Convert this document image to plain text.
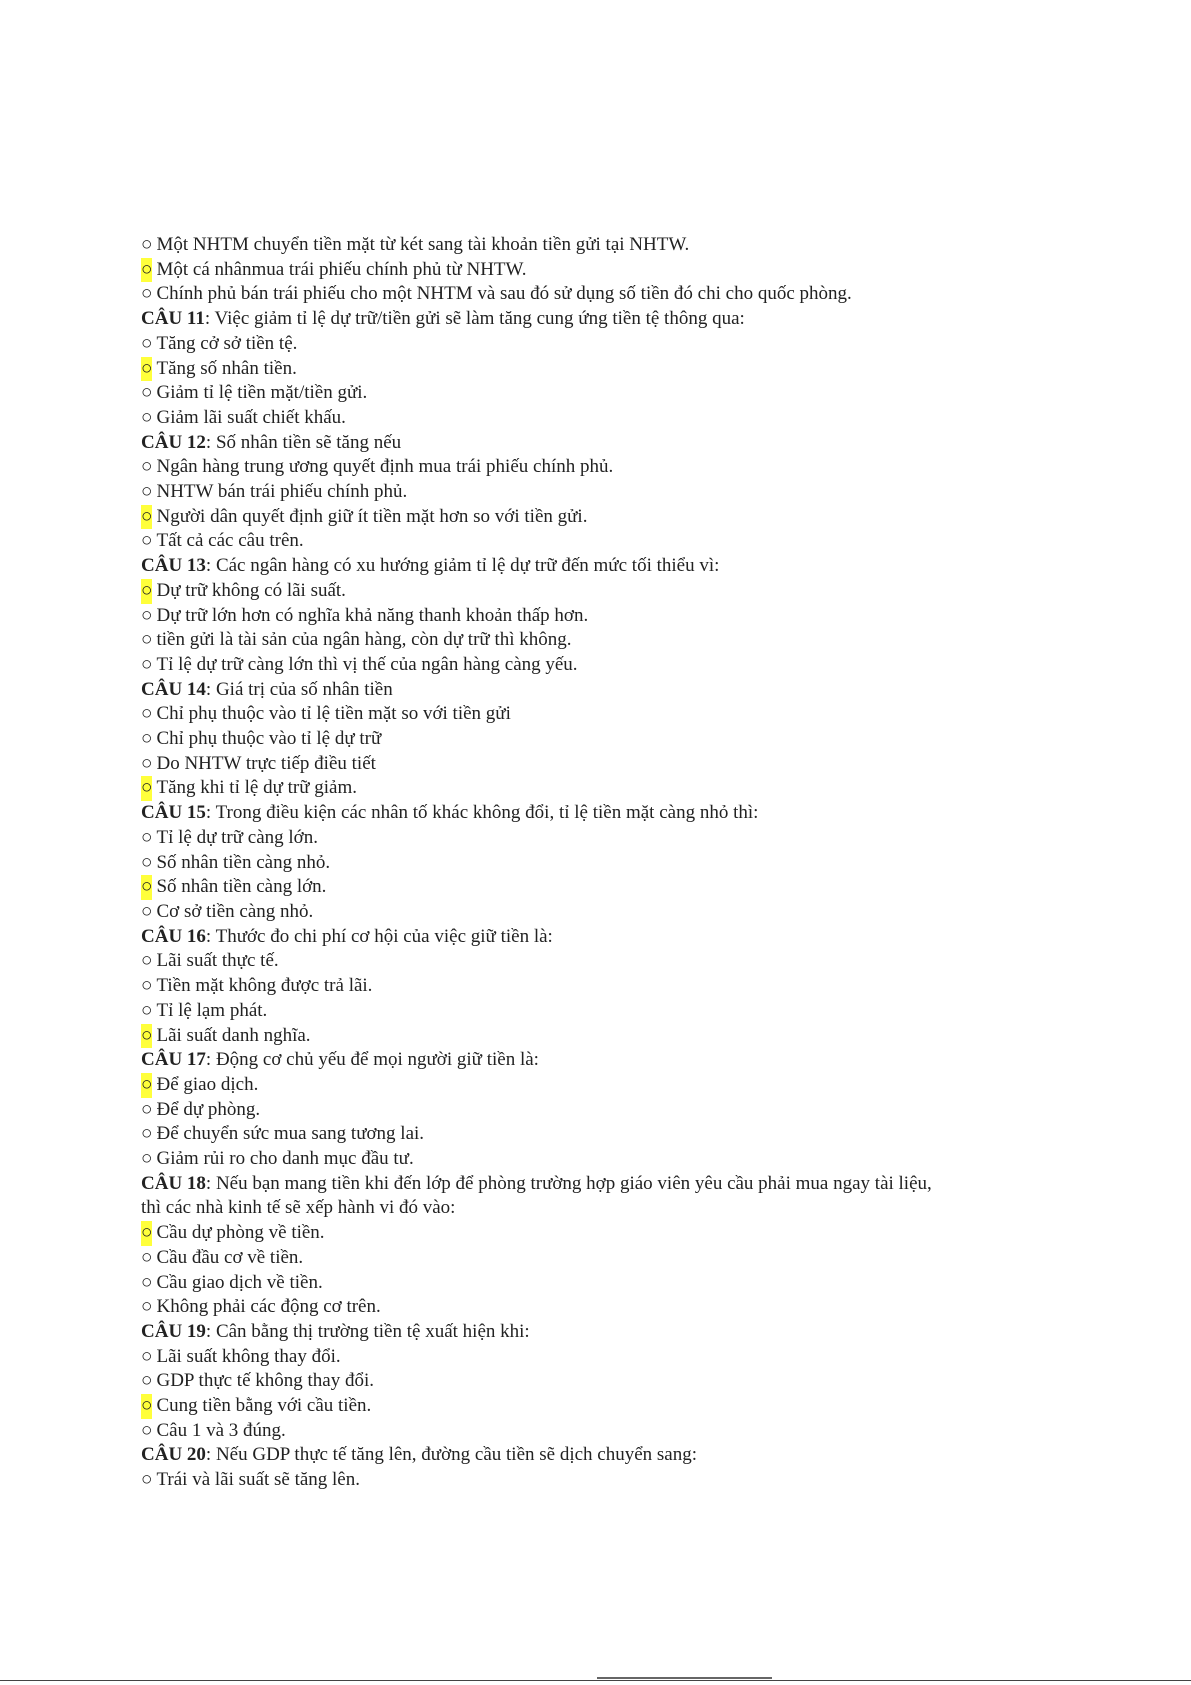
○ Một NHTM chuyển tiền mặt từ két sang tài khoản tiền gửi tại NHTW.
○ Một cá nhânmua trái phiếu chính phủ từ NHTW.
○ Chính phủ bán trái phiếu cho một NHTM và sau đó sử dụng số tiền đó chi cho quốc phòng.
CÂU 11: Việc giảm tỉ lệ dự trữ/tiền gửi sẽ làm tăng cung ứng tiền tệ thông qua:
○ Tăng cở sở tiền tệ.
○ Tăng số nhân tiền.
○ Giảm tỉ lệ tiền mặt/tiền gửi.
○ Giảm lãi suất chiết khấu.
CÂU 12: Số nhân tiền sẽ tăng nếu
○ Ngân hàng trung ương quyết định mua trái phiếu chính phủ.
○ NHTW bán trái phiếu chính phủ.
○ Người dân quyết định giữ ít tiền mặt hơn so với tiền gửi.
○ Tất cả các câu trên.
CÂU 13: Các ngân hàng có xu hướng giảm tỉ lệ dự trữ đến mức tối thiểu vì:
○ Dự trữ không có lãi suất.
○ Dự trữ lớn hơn có nghĩa khả năng thanh khoản thấp hơn.
○ tiền gửi là tài sản của ngân hàng, còn dự trữ thì không.
○ Tỉ lệ dự trữ càng lớn thì vị thế của ngân hàng càng yếu.
CÂU 14: Giá trị của số nhân tiền
○ Chỉ phụ thuộc vào tỉ lệ tiền mặt so với tiền gửi
○ Chỉ phụ thuộc vào tỉ lệ dự trữ
○ Do NHTW trực tiếp điều tiết
○ Tăng khi tỉ lệ dự trữ giảm.
CÂU 15: Trong điều kiện các nhân tố khác không đổi, tỉ lệ tiền mặt càng nhỏ thì:
○ Tỉ lệ dự trữ càng lớn.
○ Số nhân tiền càng nhỏ.
○ Số nhân tiền càng lớn.
○ Cơ sở tiền càng nhỏ.
CÂU 16: Thước đo chi phí cơ hội của việc giữ tiền là:
○ Lãi suất thực tế.
○ Tiền mặt không được trả lãi.
○ Tỉ lệ lạm phát.
○ Lãi suất danh nghĩa.
CÂU 17: Động cơ chủ yếu để mọi người giữ tiền là:
○ Để giao dịch.
○ Để dự phòng.
○ Để chuyển sức mua sang tương lai.
○ Giảm rủi ro cho danh mục đầu tư.
CÂU 18: Nếu bạn mang tiền khi đến lớp để phòng trường hợp giáo viên yêu cầu phải mua ngay tài liệu,
thì các nhà kinh tế sẽ xếp hành vi đó vào:
○ Cầu dự phòng về tiền.
○ Cầu đầu cơ về tiền.
○ Cầu giao dịch về tiền.
○ Không phải các động cơ trên.
CÂU 19: Cân bằng thị trường tiền tệ xuất hiện khi:
○ Lãi suất không thay đổi.
○ GDP thực tế không thay đổi.
○ Cung tiền bằng với cầu tiền.
○ Câu 1 và 3 đúng.
CÂU 20: Nếu GDP thực tế tăng lên, đường cầu tiền sẽ dịch chuyển sang:
○ Trái và lãi suất sẽ tăng lên.
